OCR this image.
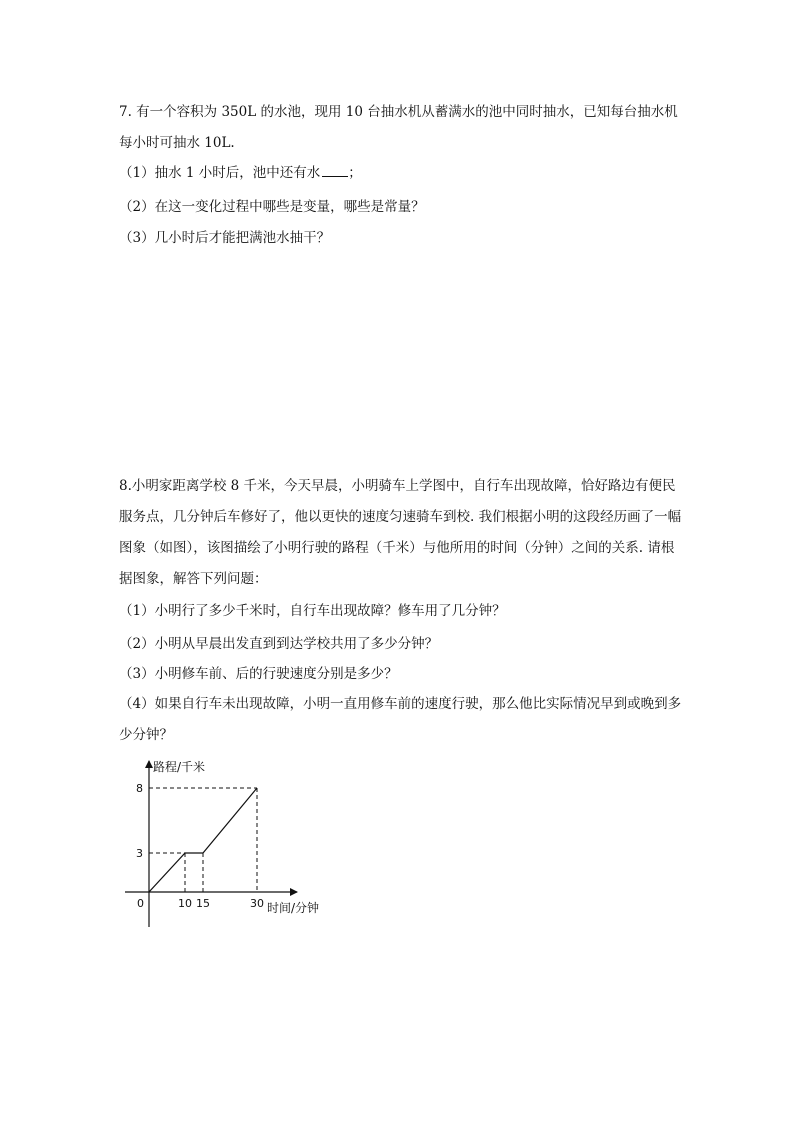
7. 有一个容积为 350L 的水池，现用 10 台抽水机从蓄满水的池中同时抽水，已知每台抽水机每小时可抽水 10L.

（1）抽水 1 小时后，池中还有水 ；

（2）在这一变化过程中哪些是变量，哪些是常量？

（3）几小时后才能把满池水抽干？

8.小明家距离学校 8 千米，今天早晨，小明骑车上学图中，自行车出现故障，恰好路边有便民服务点，几分钟后车修好了，他以更快的速度匀速骑车到校. 我们根据小明的这段经历画了一幅图象（如图），该图描绘了小明行驶的路程（千米）与他所用的时间（分钟）之间的关系. 请根据图象，解答下列问题：

（1）小明行了多少千米时，自行车出现故障？修车用了几分钟？

（2）小明从早晨出发直到到达学校共用了多少分钟？

（3）小明修车前、后的行驶速度分别是多少？

（4）如果自行车未出现故障，小明一直用修车前的速度行驶，那么他比实际情况早到或晚到多少分钟？

路程/千米
时间/分钟
0	10 15	30
3
8
